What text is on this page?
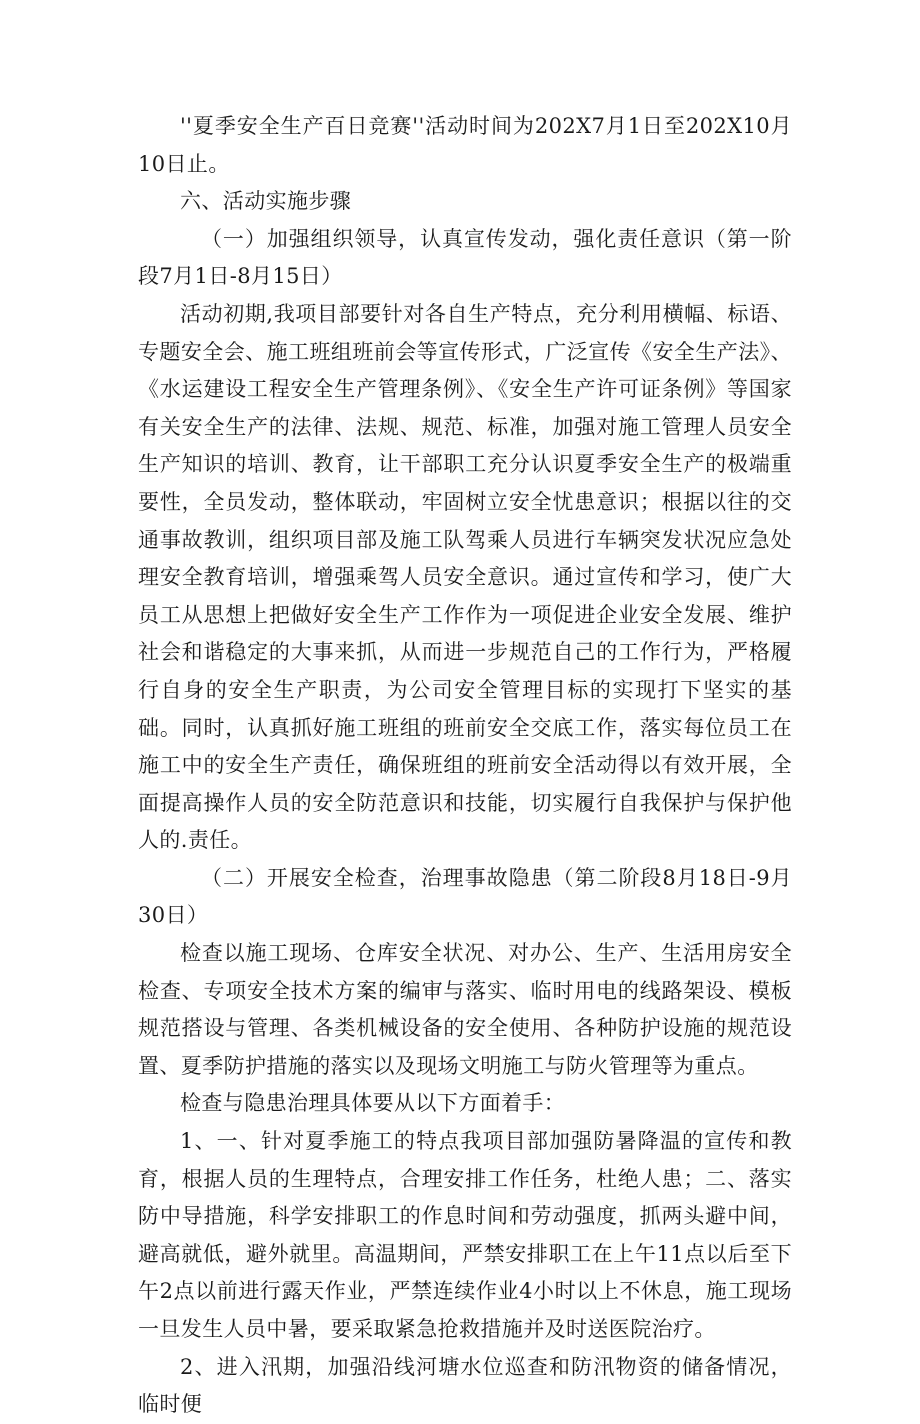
''夏季安全生产百日竞赛''活动时间为202X7月1日至202X10月10日止。

六、活动实施步骤

（一）加强组织领导，认真宣传发动，强化责任意识（第一阶段7月1日-8月15日）

活动初期,我项目部要针对各自生产特点，充分利用横幅、标语、专题安全会、施工班组班前会等宣传形式，广泛宣传《安全生产法》、《水运建设工程安全生产管理条例》、《安全生产许可证条例》等国家有关安全生产的法律、法规、规范、标准，加强对施工管理人员安全生产知识的培训、教育，让干部职工充分认识夏季安全生产的极端重要性，全员发动，整体联动，牢固树立安全忧患意识；根据以往的交通事故教训，组织项目部及施工队驾乘人员进行车辆突发状况应急处理安全教育培训，增强乘驾人员安全意识。通过宣传和学习，使广大员工从思想上把做好安全生产工作作为一项促进企业安全发展、维护社会和谐稳定的大事来抓，从而进一步规范自己的工作行为，严格履行自身的安全生产职责，为公司安全管理目标的实现打下坚实的基础。同时，认真抓好施工班组的班前安全交底工作，落实每位员工在施工中的安全生产责任，确保班组的班前安全活动得以有效开展，全面提高操作人员的安全防范意识和技能，切实履行自我保护与保护他人的.责任。

（二）开展安全检查，治理事故隐患（第二阶段8月18日-9月30日）

检查以施工现场、仓库安全状况、对办公、生产、生活用房安全检查、专项安全技术方案的编审与落实、临时用电的线路架设、模板规范搭设与管理、各类机械设备的安全使用、各种防护设施的规范设置、夏季防护措施的落实以及现场文明施工与防火管理等为重点。

检查与隐患治理具体要从以下方面着手：

1、一、针对夏季施工的特点我项目部加强防暑降温的宣传和教育，根据人员的生理特点，合理安排工作任务，杜绝人患；二、落实防中导措施，科学安排职工的作息时间和劳动强度，抓两头避中间，避高就低，避外就里。高温期间，严禁安排职工在上午11点以后至下午2点以前进行露天作业，严禁连续作业4小时以上不休息，施工现场一旦发生人员中暑，要采取紧急抢救措施并及时送医院治疗。

2、进入汛期，加强沿线河塘水位巡查和防汛物资的储备情况，临时便
